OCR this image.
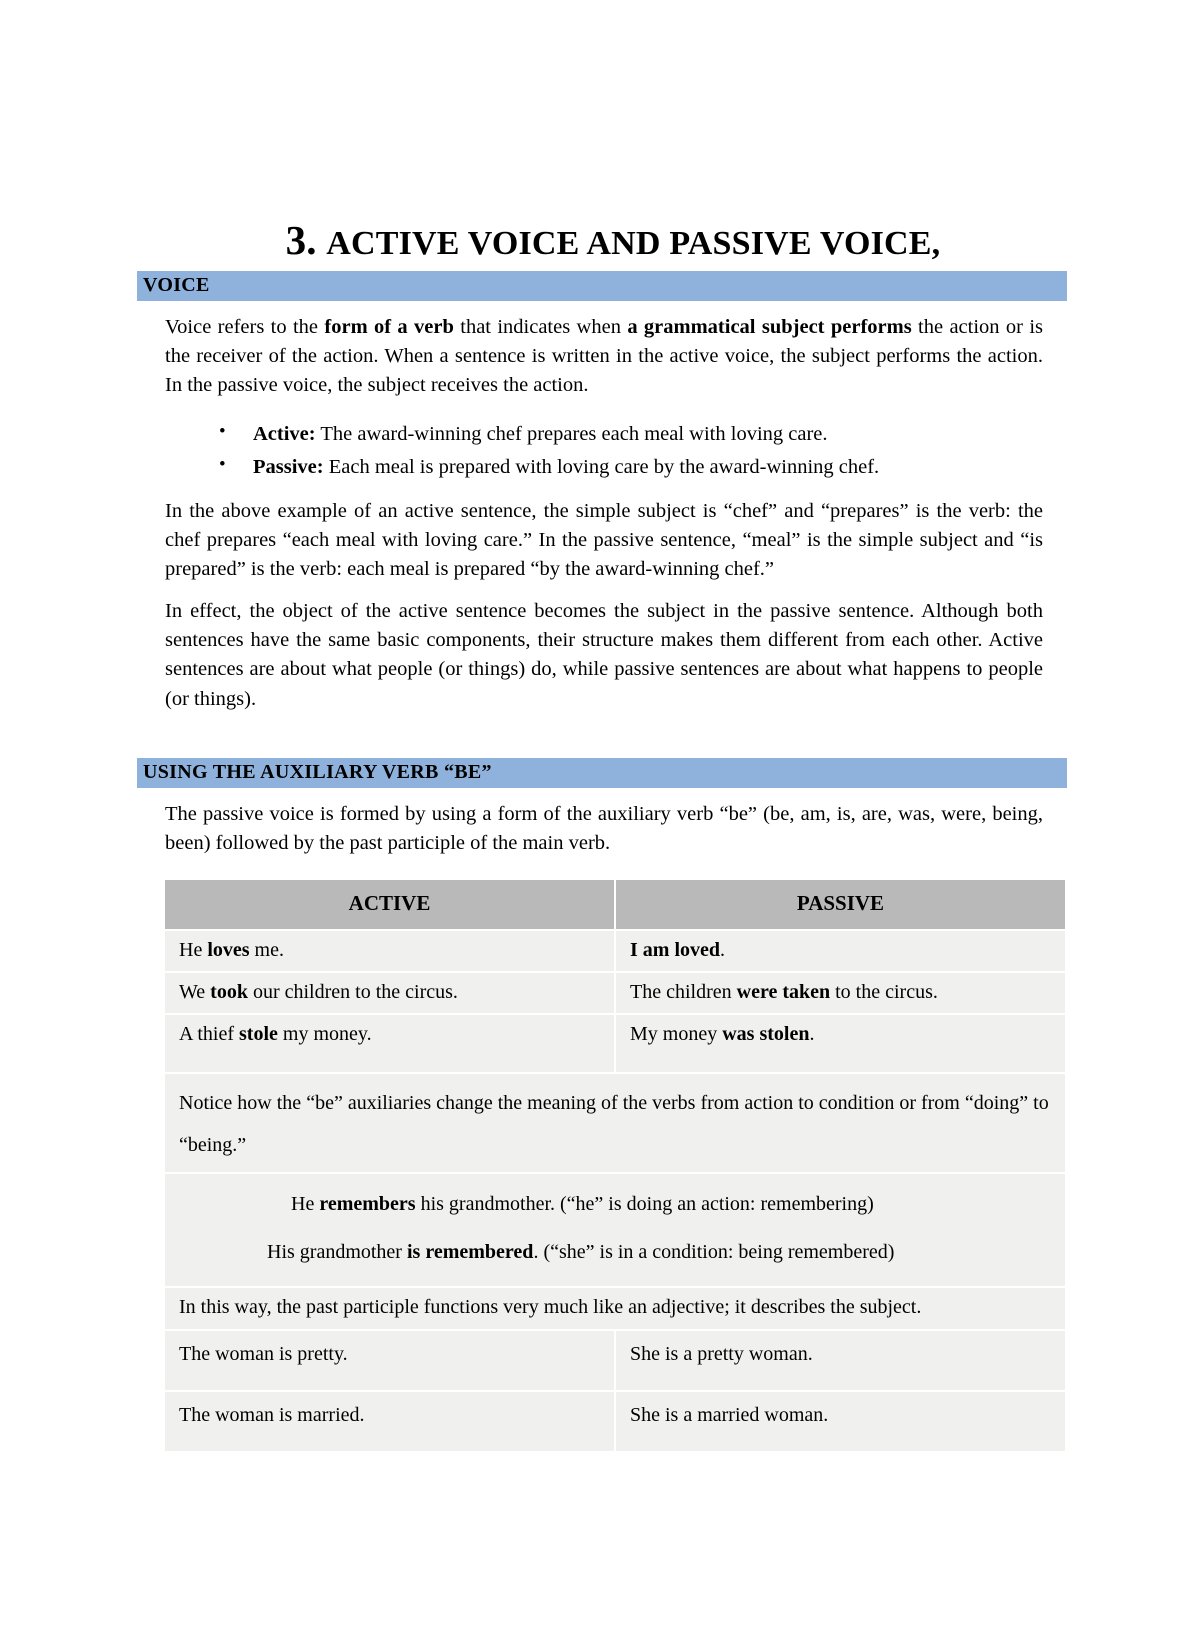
3. ACTIVE VOICE AND PASSIVE VOICE,
VOICE

Voice refers to the form of a verb that indicates when a grammatical subject performs the action or is the receiver of the action. When a sentence is written in the active voice, the subject performs the action. In the passive voice, the subject receives the action.

• Active: The award-winning chef prepares each meal with loving care.
• Passive: Each meal is prepared with loving care by the award-winning chef.

In the above example of an active sentence, the simple subject is “chef” and “prepares” is the verb: the chef prepares “each meal with loving care.” In the passive sentence, “meal” is the simple subject and “is prepared” is the verb: each meal is prepared “by the award-winning chef.”

In effect, the object of the active sentence becomes the subject in the passive sentence. Although both sentences have the same basic components, their structure makes them different from each other. Active sentences are about what people (or things) do, while passive sentences are about what happens to people (or things).

USING THE AUXILIARY VERB “BE”

The passive voice is formed by using a form of the auxiliary verb “be” (be, am, is, are, was, were, being, been) followed by the past participle of the main verb.

ACTIVE	PASSIVE
He loves me.	I am loved.
We took our children to the circus.	The children were taken to the circus.
A thief stole my money.	My money was stolen.
Notice how the “be” auxiliaries change the meaning of the verbs from action to condition or from “doing” to “being.”	

He remembers his grandmother. (“he” is doing an action: remembering)
His grandmother is remembered. (“she” is in a condition: being remembered)	

In this way, the past participle functions very much like an adjective; it describes the subject.	
The woman is pretty.	She is a pretty woman.
The woman is married.	She is a married woman.
